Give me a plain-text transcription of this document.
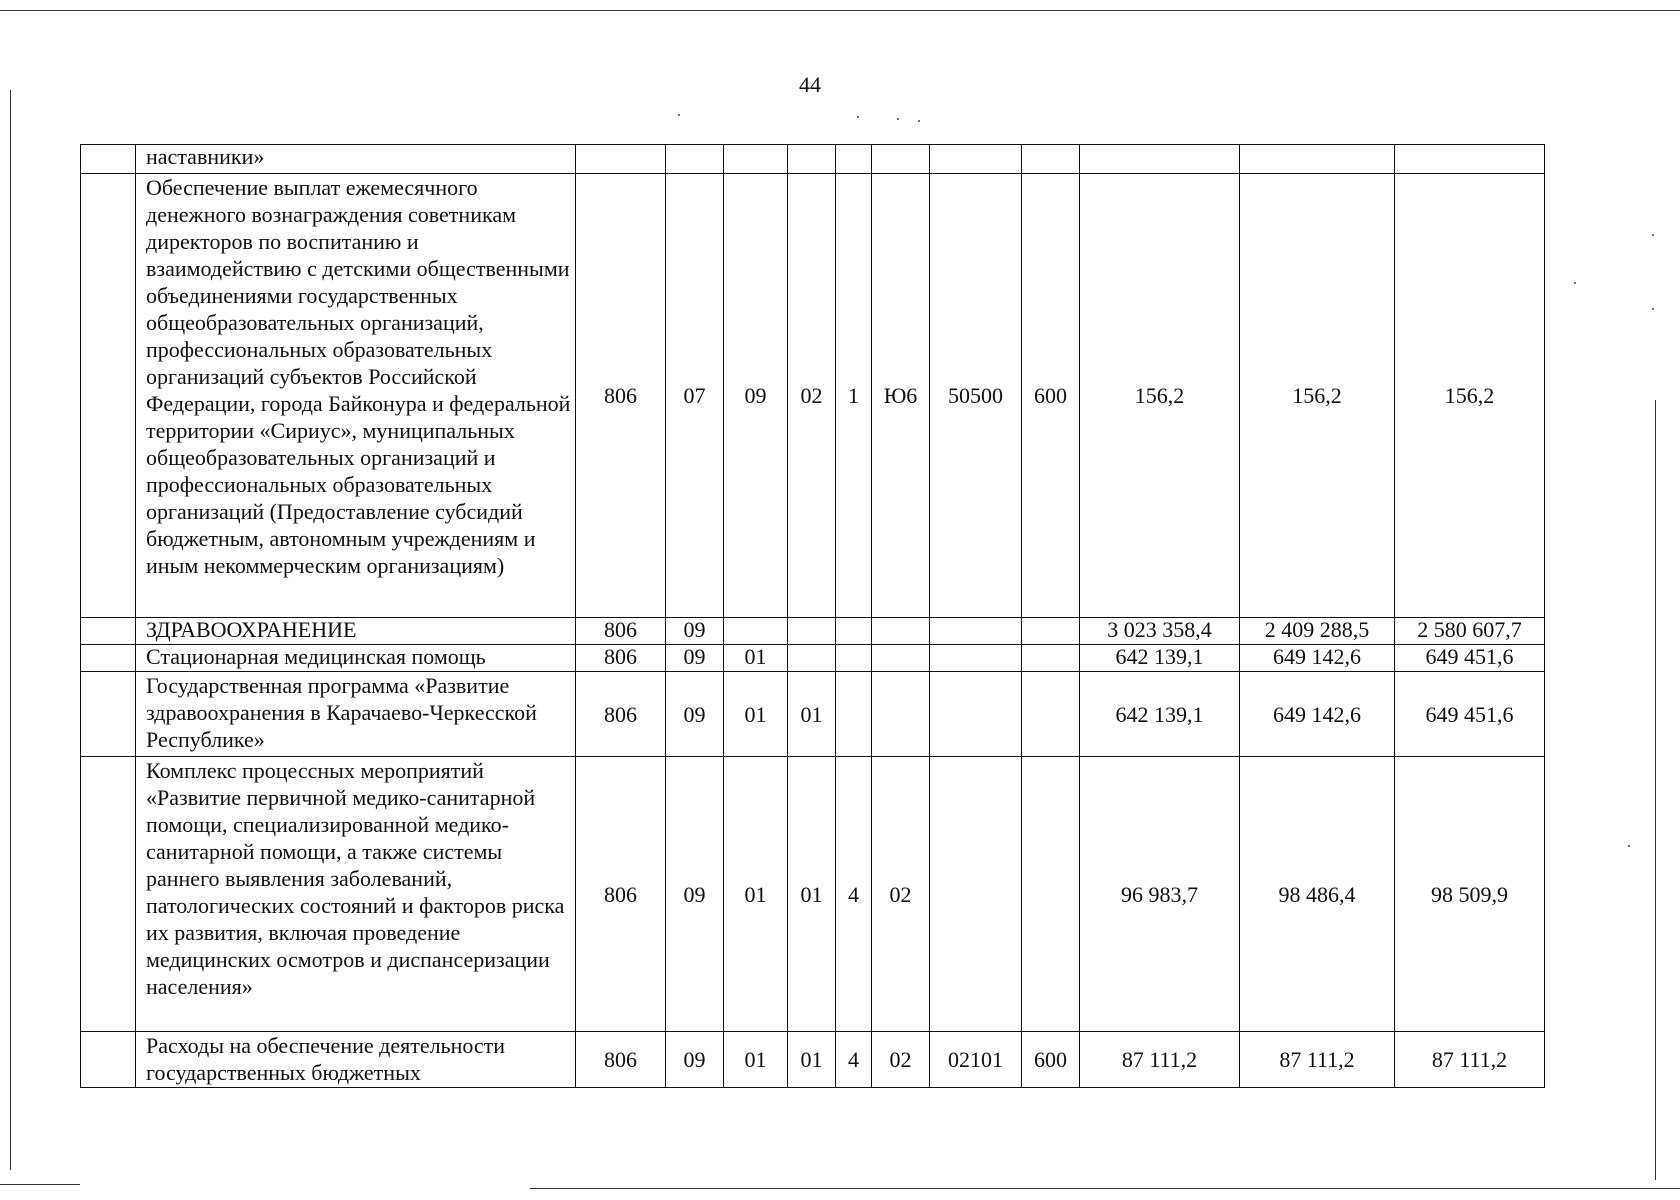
44
	наставники»											
	Обеспечение выплат ежемесячного денежного вознаграждения советникам директоров по воспитанию и взаимодействию с детскими общественными объединениями государственных общеобразовательных организаций, профессиональных образовательных организаций субъектов Российской Федерации, города Байконура и федеральной территории «Сириус», муниципальных общеобразовательных организаций и профессиональных образовательных организаций (Предоставление субсидий бюджетным, автономным учреждениям и иным некоммерческим организациям)	806	07	09	02	1	Ю6	50500	600	156,2	156,2	156,2
	ЗДРАВООХРАНЕНИЕ	806	09							3 023 358,4	2 409 288,5	2 580 607,7
	Стационарная медицинская помощь	806	09	01						642 139,1	649 142,6	649 451,6
	Государственная программа «Развитие здравоохранения в Карачаево-Черкесской Республике»	806	09	01	01					642 139,1	649 142,6	649 451,6
	Комплекс процессных мероприятий «Развитие первичной медико-санитарной помощи, специализированной медико-санитарной помощи, а также системы раннего выявления заболеваний, патологических состояний и факторов риска их развития, включая проведение медицинских осмотров и диспансеризации населения»	806	09	01	01	4	02			96 983,7	98 486,4	98 509,9
	Расходы на обеспечение деятельности государственных бюджетных	806	09	01	01	4	02	02101	600	87 111,2	87 111,2	87 111,2
